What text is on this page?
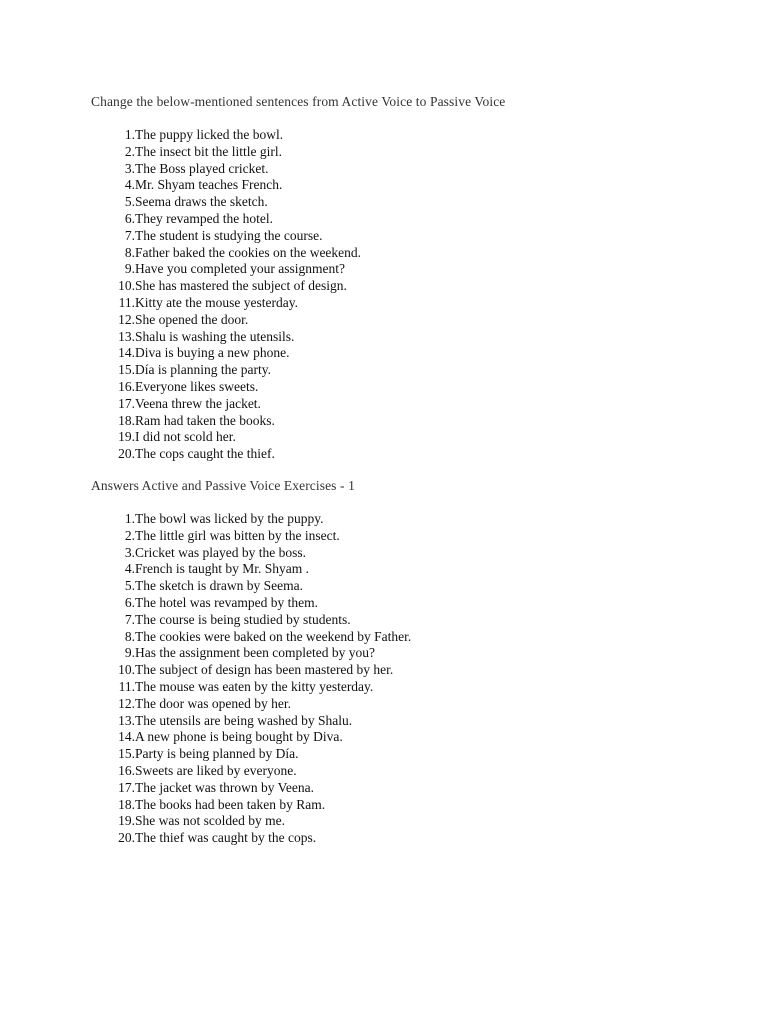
Change the below-mentioned sentences from Active Voice to Passive Voice
1. The puppy licked the bowl.
2. The insect bit the little girl.
3. The Boss played cricket.
4. Mr. Shyam teaches French.
5. Seema draws the sketch.
6. They revamped the hotel.
7. The student is studying the course.
8. Father baked the cookies on the weekend.
9. Have you completed your assignment?
10. She has mastered the subject of design.
11. Kitty ate the mouse yesterday.
12. She opened the door.
13. Shalu is washing the utensils.
14. Diva is buying a new phone.
15. Día is planning the party.
16. Everyone likes sweets.
17. Veena threw the jacket.
18. Ram had taken the books.
19. I did not scold her.
20. The cops caught the thief.
Answers Active and Passive Voice Exercises - 1
1. The bowl was licked by the puppy.
2. The little girl was bitten by the insect.
3. Cricket was played by the boss.
4. French is taught by Mr. Shyam .
5. The sketch is drawn by Seema.
6. The hotel was revamped by them.
7. The course is being studied by students.
8. The cookies were baked on the weekend by Father.
9. Has the assignment been completed by you?
10. The subject of design has been mastered by her.
11. The mouse was eaten by the kitty yesterday.
12. The door was opened by her.
13. The utensils are being washed by Shalu.
14. A new phone is being bought by Diva.
15. Party is being planned by Día.
16. Sweets are liked by everyone.
17. The jacket was thrown by Veena.
18. The books had been taken by Ram.
19. She was not scolded by me.
20. The thief was caught by the cops.
